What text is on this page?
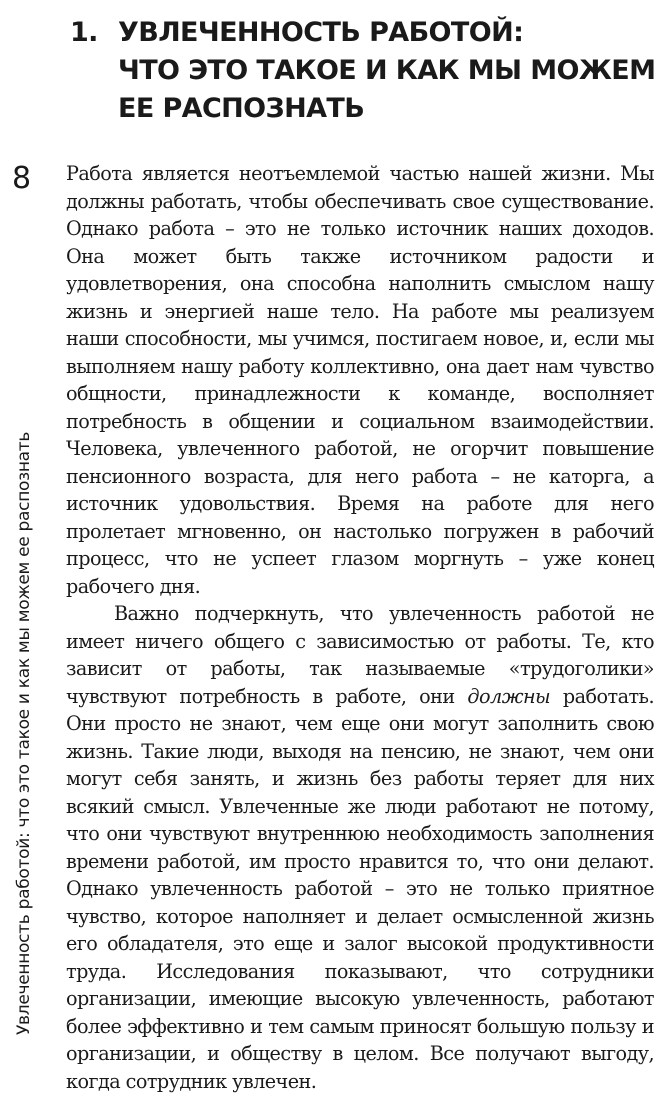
1. УВЛЕЧЕННОСТЬ РАБОТОЙ:
ЧТО ЭТО ТАКОЕ И КАК МЫ МОЖЕМ
ЕЕ РАСПОЗНАТЬ
8
Увлеченность работой: что это такое и как мы можем ее распознать

Работа является неотъемлемой частью нашей жизни. Мы должны работать, чтобы обеспечивать свое существование. Однако работа – это не только источник наших доходов. Она может быть также источником радости и удовлетворения, она способна наполнить смыслом нашу жизнь и энергией наше тело. На работе мы реализуем наши способности, мы учимся, постигаем новое, и, если мы выполняем нашу работу коллективно, она дает нам чувство общности, принадлежности к команде, восполняет потребность в общении и социальном взаимодействии. Человека, увлеченного работой, не огорчит повышение пенсионного возраста, для него работа – не каторга, а источник удовольствия. Время на работе для него пролетает мгновенно, он настолько погружен в рабочий процесс, что не успеет глазом моргнуть – уже конец рабочего дня.

Важно подчеркнуть, что увлеченность работой не имеет ничего общего с зависимостью от работы. Те, кто зависит от работы, так называемые «трудоголики» чувствуют потребность в работе, они должны работать. Они просто не знают, чем еще они могут заполнить свою жизнь. Такие люди, выходя на пенсию, не знают, чем они могут себя занять, и жизнь без работы теряет для них всякий смысл. Увлеченные же люди работают не потому, что они чувствуют внутреннюю необходимость заполнения времени работой, им просто нравится то, что они делают. Однако увлеченность работой – это не только приятное чувство, которое наполняет и делает осмысленной жизнь его обладателя, это еще и залог высокой продуктивности труда. Исследования показывают, что сотрудники организации, имеющие высокую увлеченность, работают более эффективно и тем самым приносят большую пользу и организации, и обществу в целом. Все получают выгоду, когда сотрудник увлечен.
